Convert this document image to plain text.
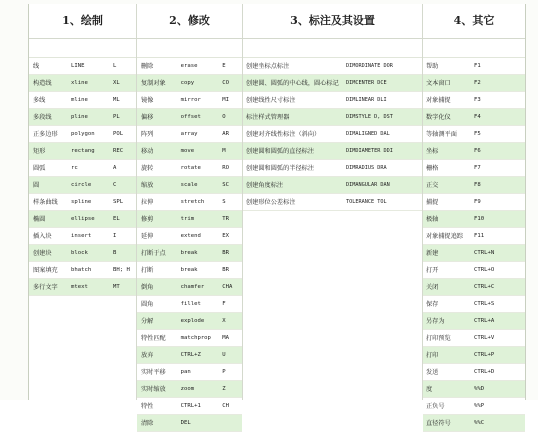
1、绘制
线	LINE	L
构造线	xline	XL
多线	mline	ML
多段线	pline	PL
正多边形	polygon	POL
矩形	rectang	REC
圆弧	rc	A
圆	circle	C
样条曲线	spline	SPL
椭圆	ellipse	EL
插入块	insert	I
创建块	block	B
图案填充	bhatch	BH; H
多行文字	mtext	MT
2、修改
删除	erase	E
复制对象	copy	CO
镜像	mirror	MI
偏移	offset	O
阵列	array	AR
移动	move	M
旋转	rotate	RO
缩放	scale	SC
拉伸	stretch	S
修剪	trim	TR
延伸	extend	EX
打断于点	break	BR
打断	break	BR
倒角	chamfer	CHA
圆角	fillet	F
分解	explode	X
特性匹配	matchprop	MA
放弃	CTRL+Z	U
实时平移	pan	P
实时缩放	zoom	Z
特性	CTRL+1	CH
清除	DEL
3、标注及其设置
创建坐标点标注	DIMORDINATE DOR
创建圆、圆弧的中心线，圆心标记	DIMCENTER DCE
创建线性尺寸标注	DIMLINEAR DLI
标注样式管理器	DIMSTYLE D, DST
创建对齐线性标注（斜向）	DIMALIGNED DAL
创建圆和圆弧的直径标注	DIMDIAMETER DDI
创建圆和圆弧的半径标注	DIMRADIUS DRA
创建角度标注	DIMANGULAR DAN
创建形位公差标注	TOLERANCE TOL
4、其它
帮助	F1
文本窗口	F2
对象捕捉	F3
数字化仪	F4
等轴测平面	F5
坐标	F6
栅格	F7
正交	F8
捕捉	F9
极轴	F10
对象捕捉追踪	F11
新建	CTRL+N
打开	CTRL+O
关闭	CTRL+C
保存	CTRL+S
另存为	CTRL+A
打印预览	CTRL+V
打印	CTRL+P
发送	CTRL+D
度	%%D
正负号	%%P
直径符号	%%C
